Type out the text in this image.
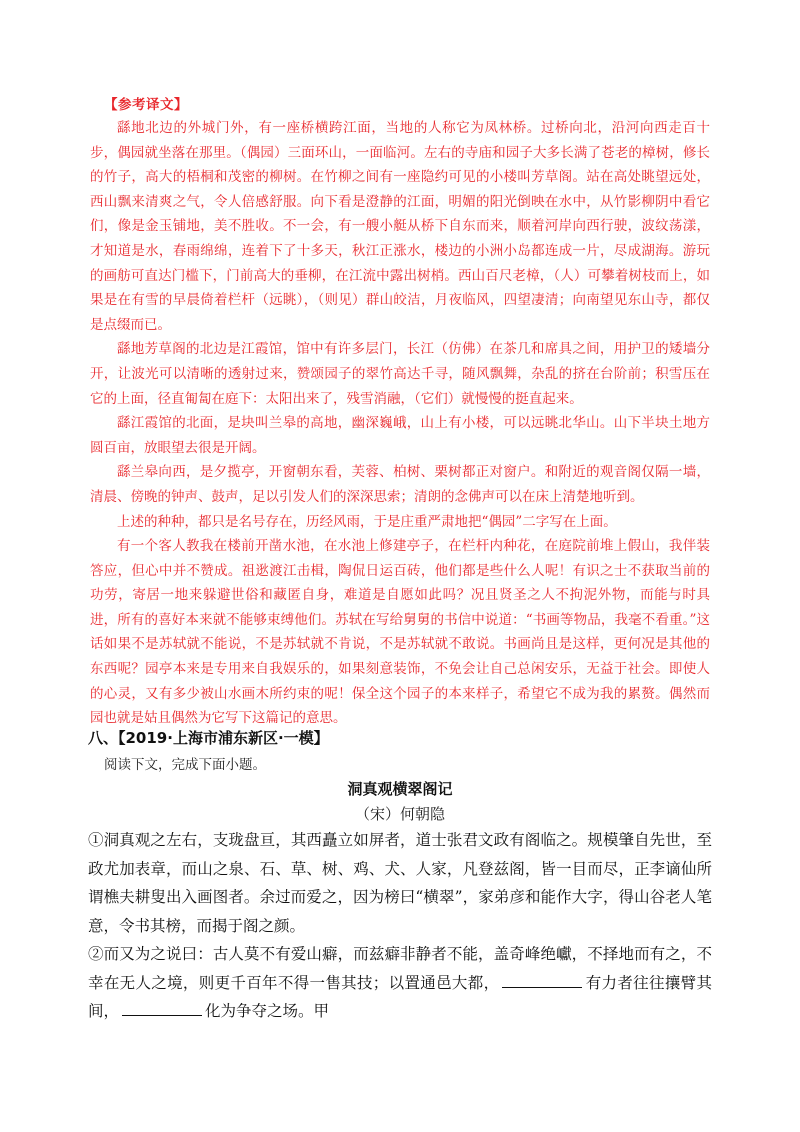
【参考译文】

繇地北边的外城门外，有一座桥横跨江面，当地的人称它为凤林桥。过桥向北，沿河向西走百十步，偶园就坐落在那里。（偶园）三面环山，一面临河。左右的寺庙和园子大多长满了苍老的樟树，修长的竹子，高大的梧桐和茂密的柳树。在竹柳之间有一座隐约可见的小楼叫芳草阁。站在高处眺望远处，西山飘来清爽之气，令人倍感舒服。向下看是澄静的江面，明媚的阳光倒映在水中，从竹影柳阴中看它们，像是金玉铺地，美不胜收。不一会，有一艘小艇从桥下自东而来，顺着河岸向西行驶，波纹荡漾，才知道是水，春雨绵绵，连着下了十多天，秋江正涨水，楼边的小洲小岛都连成一片，尽成湖海。游玩的画舫可直达门槛下，门前高大的垂柳，在江流中露出树梢。西山百尺老樟，（人）可攀着树枝而上，如果是在有雪的早晨倚着栏杆（远眺），（则见）群山皎洁，月夜临风，四望凄清；向南望见东山寺，都仅是点缀而已。

繇地芳草阁的北边是江霞馆，馆中有许多层门，长江（仿佛）在茶几和席具之间，用护卫的矮墙分开，让波光可以清晰的透射过来，赞颂园子的翠竹高达千寻，随风飘舞，杂乱的挤在台阶前；积雪压在它的上面，径直匍匐在庭下：太阳出来了，残雪消融，（它们）就慢慢的挺直起来。

繇江霞馆的北面，是块叫兰皋的高地，幽深巍峨，山上有小楼，可以远眺北华山。山下半块土地方圆百亩，放眼望去很是开阔。

繇兰皋向西，是夕揽亭，开窗朝东看，芙蓉、柏树、栗树都正对窗户。和附近的观音阁仅隔一墙，清晨、傍晚的钟声、鼓声，足以引发人们的深深思索；清朗的念佛声可以在床上清楚地听到。

上述的种种，都只是名号存在，历经风雨，于是庄重严肃地把“偶园”二字写在上面。

有一个客人教我在楼前开凿水池，在水池上修建亭子，在栏杆内种花，在庭院前堆上假山，我伴装答应，但心中并不赞成。祖逖渡江击楫，陶侃日运百砖，他们都是些什么人呢！有识之士不获取当前的功劳，寄居一地来躲避世俗和藏匿自身，难道是自愿如此吗？况且贤圣之人不拘泥外物，而能与时具进，所有的喜好本来就不能够束缚他们。苏轼在写给舅舅的书信中说道：“书画等物品，我毫不看重。”这话如果不是苏轼就不能说，不是苏轼就不肯说，不是苏轼就不敢说。书画尚且是这样，更何况是其他的东西呢？园亭本来是专用来自我娱乐的，如果刻意装饰，不免会让自己总闲安乐，无益于社会。即使人的心灵，又有多少被山水画木所约束的呢！保全这个园子的本来样子，希望它不成为我的累赘。偶然而园也就是姑且偶然为它写下这篇记的意思。

八、【2019·上海市浦东新区·一模】
阅读下文，完成下面小题。
洞真观横翠阁记
（宋）何朝隐

①洞真观之左右，支珑盘亘，其西矗立如屏者，道士张君文政有阁临之。规模肇自先世，至政尤加表章，而山之泉、石、草、树、鸡、犬、人家，凡登兹阁，皆一目而尽，正李谪仙所谓樵夫耕叟出入画图者。余过而爱之，因为榜曰“横翠”，家弟彦和能作大字，得山谷老人笔意，令书其榜，而揭于阁之颜。

②而又为之说曰：古人莫不有爱山癖，而兹癖非静者不能，盖奇峰绝巘，不择地而有之，不幸在无人之境，则更千百年不得一售其技；以置通邑大都，	有力者往往攘臂其间，	化为争夺之场。甲
